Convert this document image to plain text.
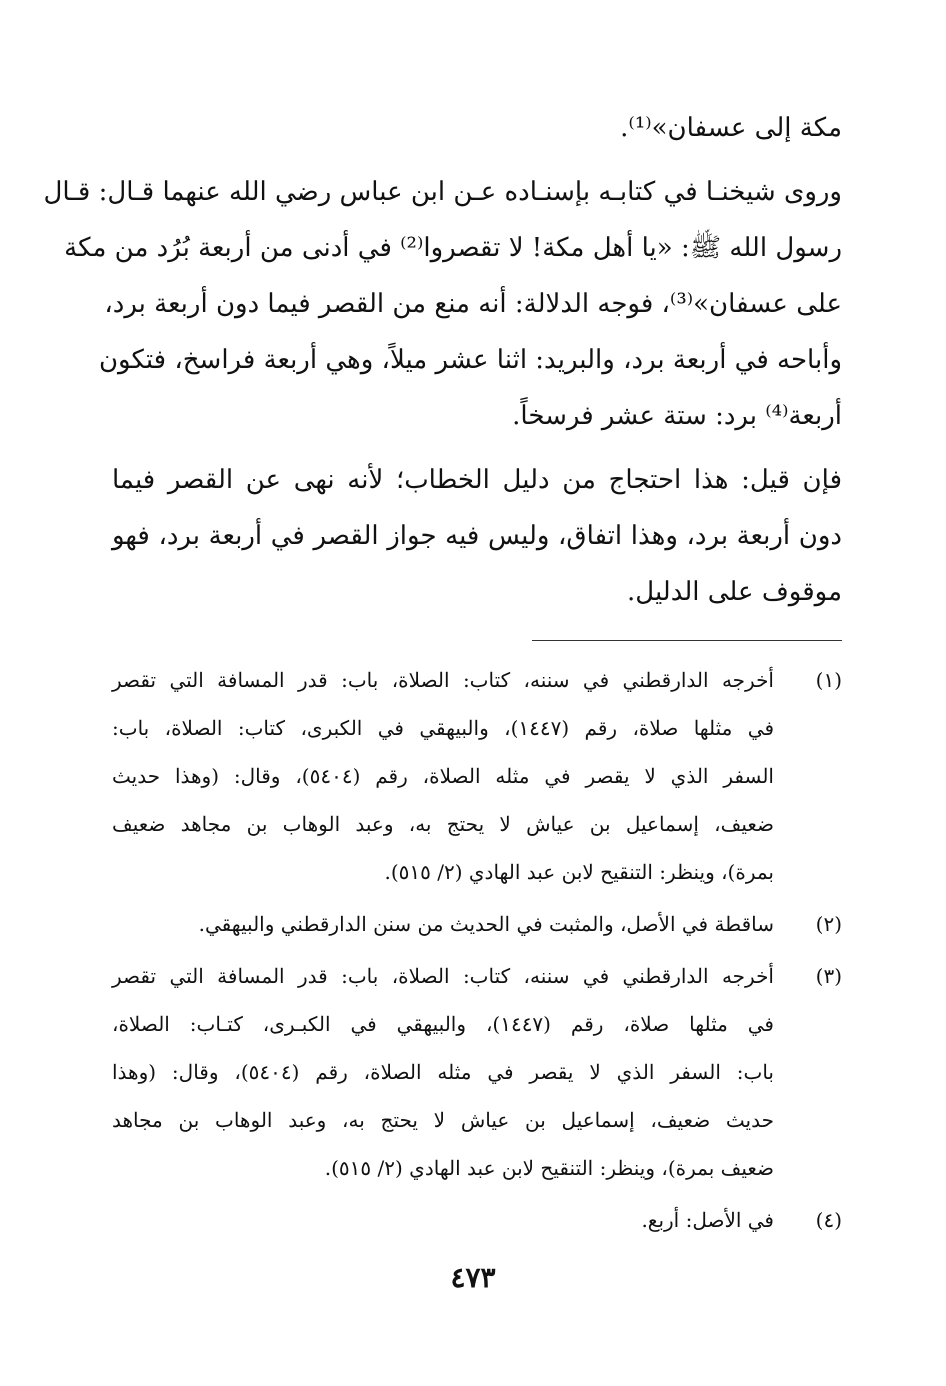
مكة إلى عسفان»⁽¹⁾.
وروى شيخنـا في كتابـه بإسنـاده عـن ابن عباس رضي الله عنهما قـال: قـال
رسول الله ﷺ: «يا أهل مكة! لا تقصروا⁽²⁾ في أدنى من أربعة بُرُد من مكة
على عسفان»⁽³⁾، فوجه الدلالة: أنه منع من القصر فيما دون أربعة برد،
وأباحه في أربعة برد، والبريد: اثنا عشر ميلاً، وهي أربعة فراسخ، فتكون
أربعة⁽⁴⁾ برد: ستة عشر فرسخاً.
فإن قيل: هذا احتجاج من دليل الخطاب؛ لأنه نهى عن القصر فيما
دون أربعة برد، وهذا اتفاق، وليس فيه جواز القصر في أربعة برد، فهو
موقوف على الدليل.
(١)
أخرجه الدارقطني في سننه، كتاب: الصلاة، باب: قدر المسافة التي تقصر
في مثلها صلاة، رقم (١٤٤٧)، والبيهقي في الكبرى، كتاب: الصلاة، باب:
السفر الذي لا يقصر في مثله الصلاة، رقم (٥٤٠٤)، وقال: (وهذا حديث
ضعيف، إسماعيل بن عياش لا يحتج به، وعبد الوهاب بن مجاهد ضعيف
بمرة)، وينظر: التنقيح لابن عبد الهادي (٢/ ٥١٥).
(٢)
ساقطة في الأصل، والمثبت في الحديث من سنن الدارقطني والبيهقي.
(٣)
أخرجه الدارقطني في سننه، كتاب: الصلاة، باب: قدر المسافة التي تقصر
في مثلها صلاة، رقم (١٤٤٧)، والبيهقي في الكبـرى، كتـاب: الصلاة،
باب: السفر الذي لا يقصر في مثله الصلاة، رقم (٥٤٠٤)، وقال: (وهذا
حديث ضعيف، إسماعيل بن عياش لا يحتج به، وعبد الوهاب بن مجاهد
ضعيف بمرة)، وينظر: التنقيح لابن عبد الهادي (٢/ ٥١٥).
(٤)
في الأصل: أربع.
٤٧٣
